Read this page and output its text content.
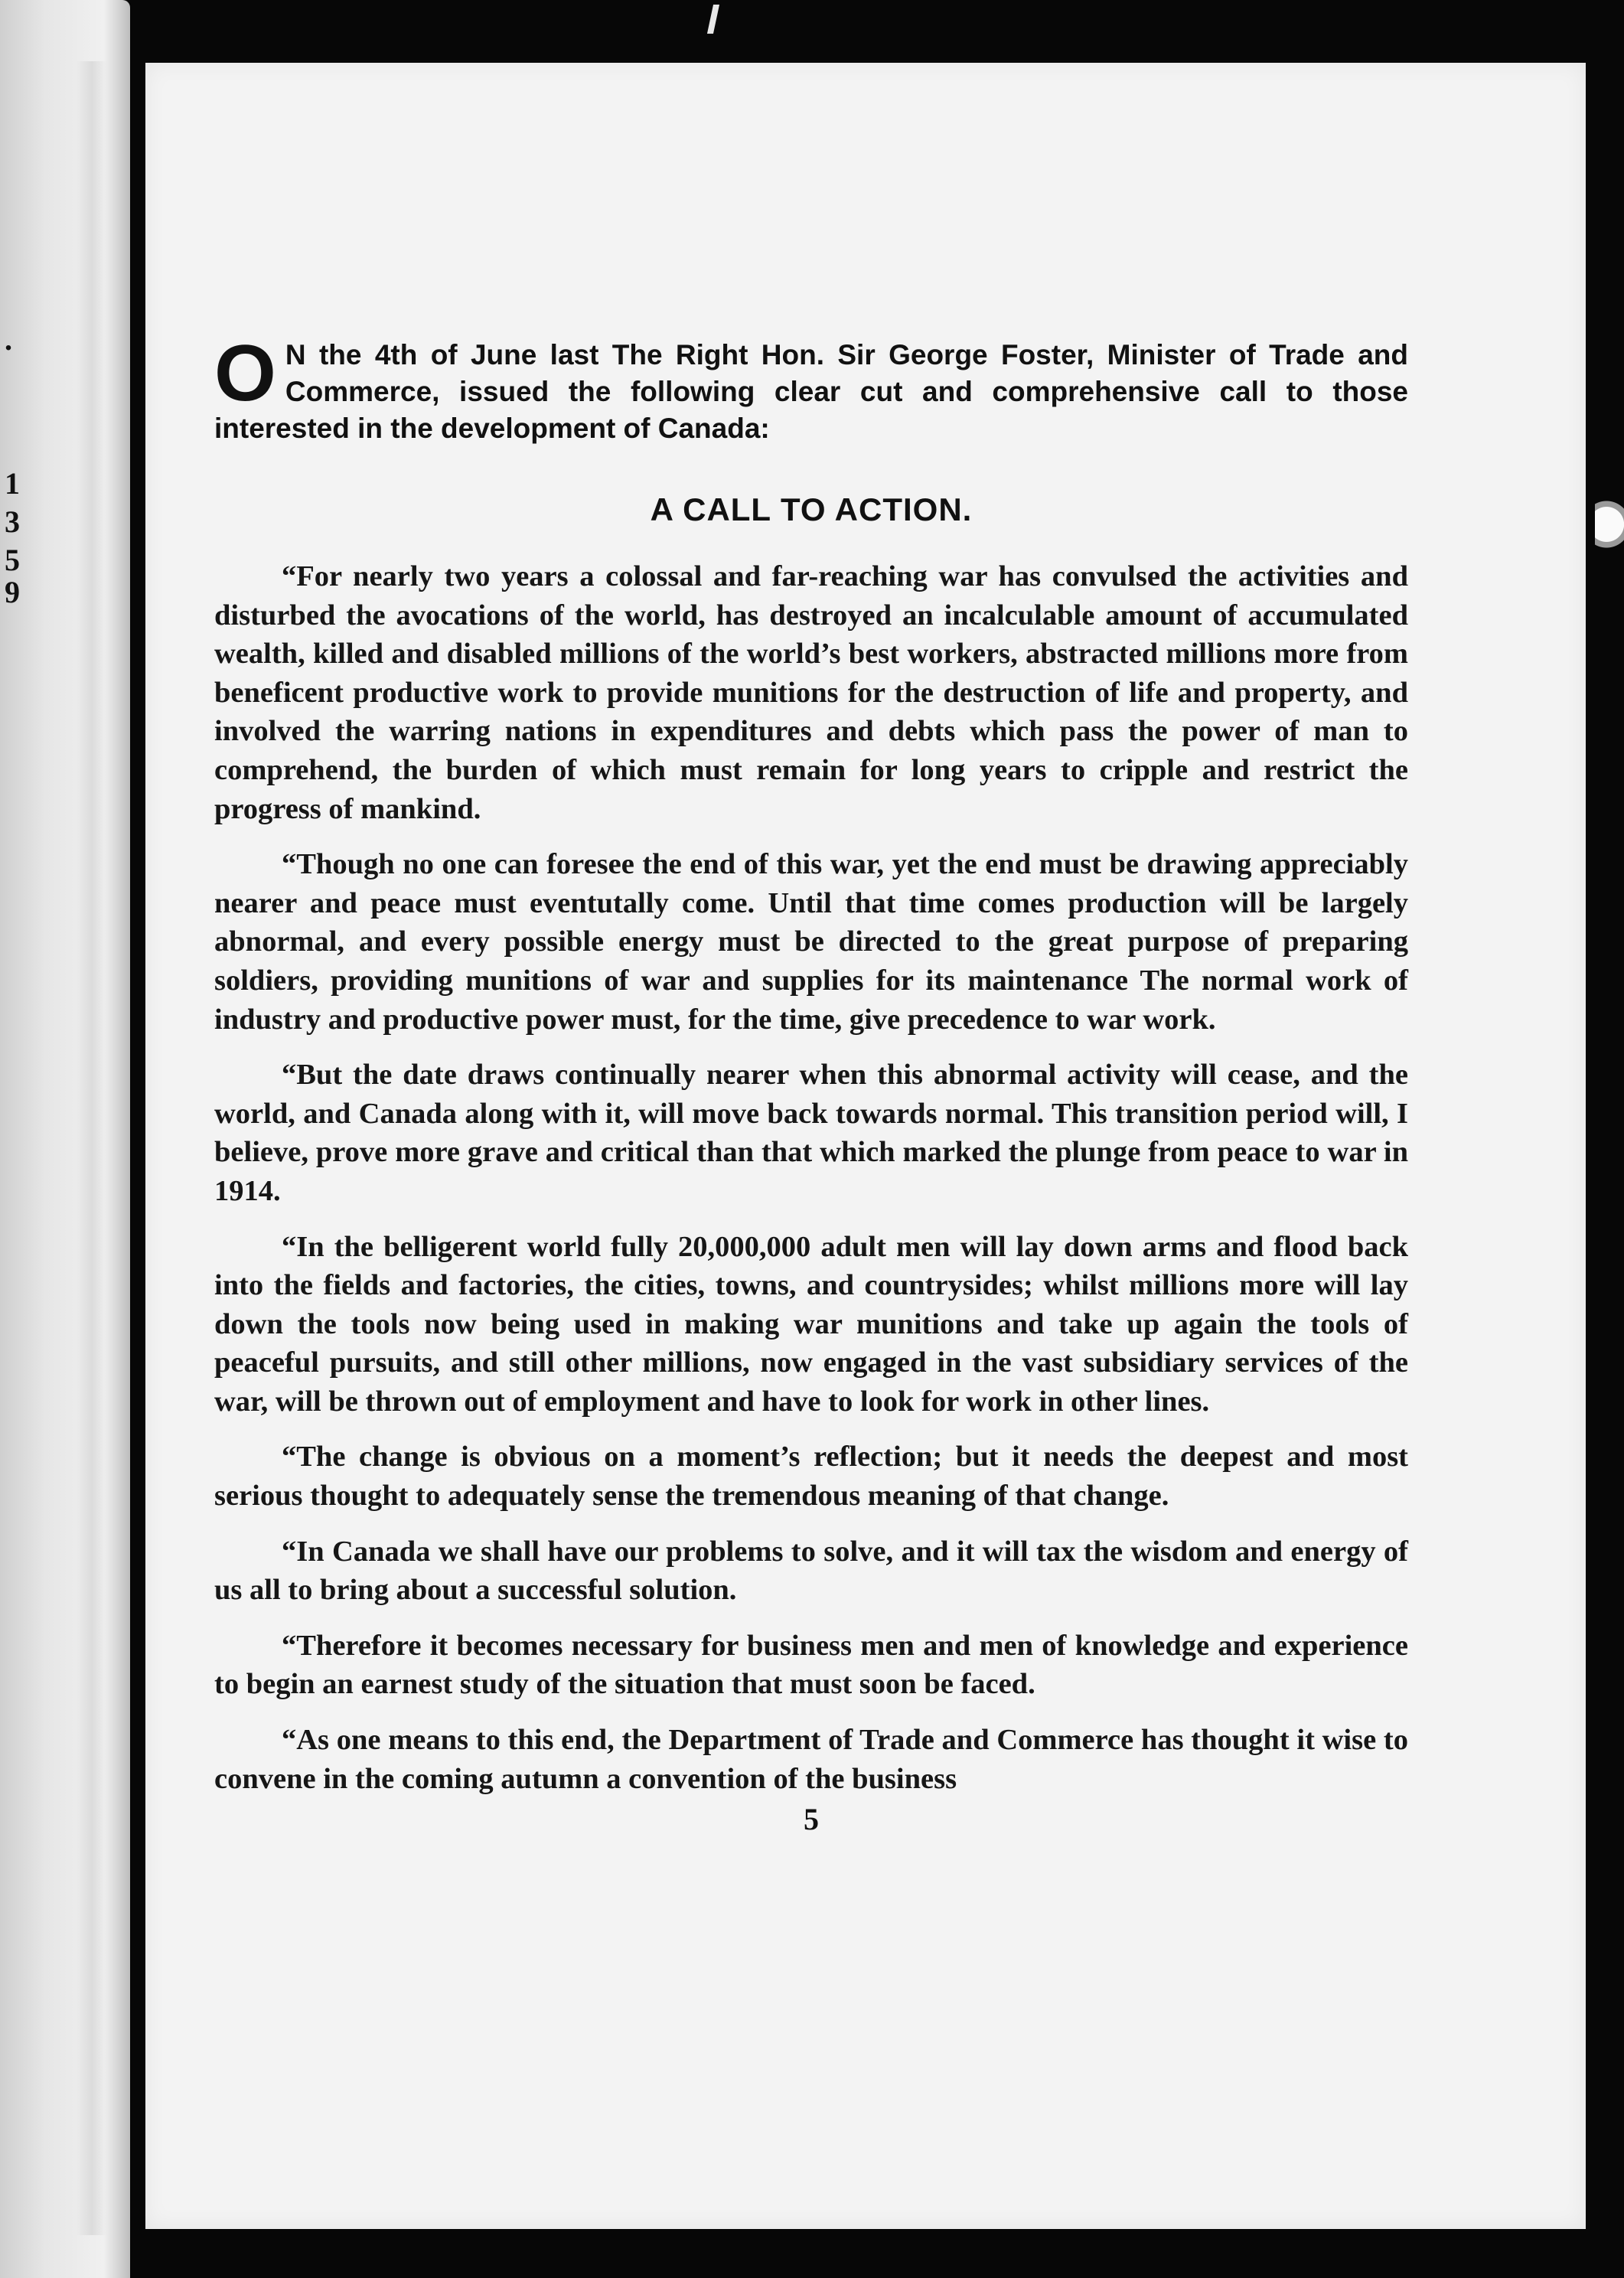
.
1
3
5
9

O N the 4th of June last The Right Hon. Sir George Foster, Minister of Trade and Commerce, issued the following clear cut and comprehensive call to those interested in the development of Canada:

A CALL TO ACTION.

“For nearly two years a colossal and far-reaching war has convulsed the activities and disturbed the avocations of the world, has destroyed an incalculable amount of accumulated wealth, killed and disabled millions of the world’s best workers, abstracted millions more from beneficent productive work to provide munitions for the destruction of life and property, and involved the warring nations in expenditures and debts which pass the power of man to comprehend, the burden of which must remain for long years to cripple and restrict the progress of mankind.

“Though no one can foresee the end of this war, yet the end must be drawing appreciably nearer and peace must eventutally come. Until that time comes production will be largely abnormal, and every possible energy must be directed to the great purpose of preparing soldiers, providing munitions of war and supplies for its maintenance The normal work of industry and productive power must, for the time, give precedence to war work.

“But the date draws continually nearer when this abnormal activity will cease, and the world, and Canada along with it, will move back towards normal. This transition period will, I believe, prove more grave and critical than that which marked the plunge from peace to war in 1914.

“In the belligerent world fully 20,000,000 adult men will lay down arms and flood back into the fields and factories, the cities, towns, and countrysides; whilst millions more will lay down the tools now being used in making war munitions and take up again the tools of peaceful pursuits, and still other millions, now engaged in the vast subsidiary services of the war, will be thrown out of employment and have to look for work in other lines.

“The change is obvious on a moment’s reflection; but it needs the deepest and most serious thought to adequately sense the tremendous meaning of that change.

“In Canada we shall have our problems to solve, and it will tax the wisdom and energy of us all to bring about a successful solution.

“Therefore it becomes necessary for business men and men of knowledge and experience to begin an earnest study of the situation that must soon be faced.

“As one means to this end, the Department of Trade and Commerce has thought it wise to convene in the coming autumn a convention of the business

5
